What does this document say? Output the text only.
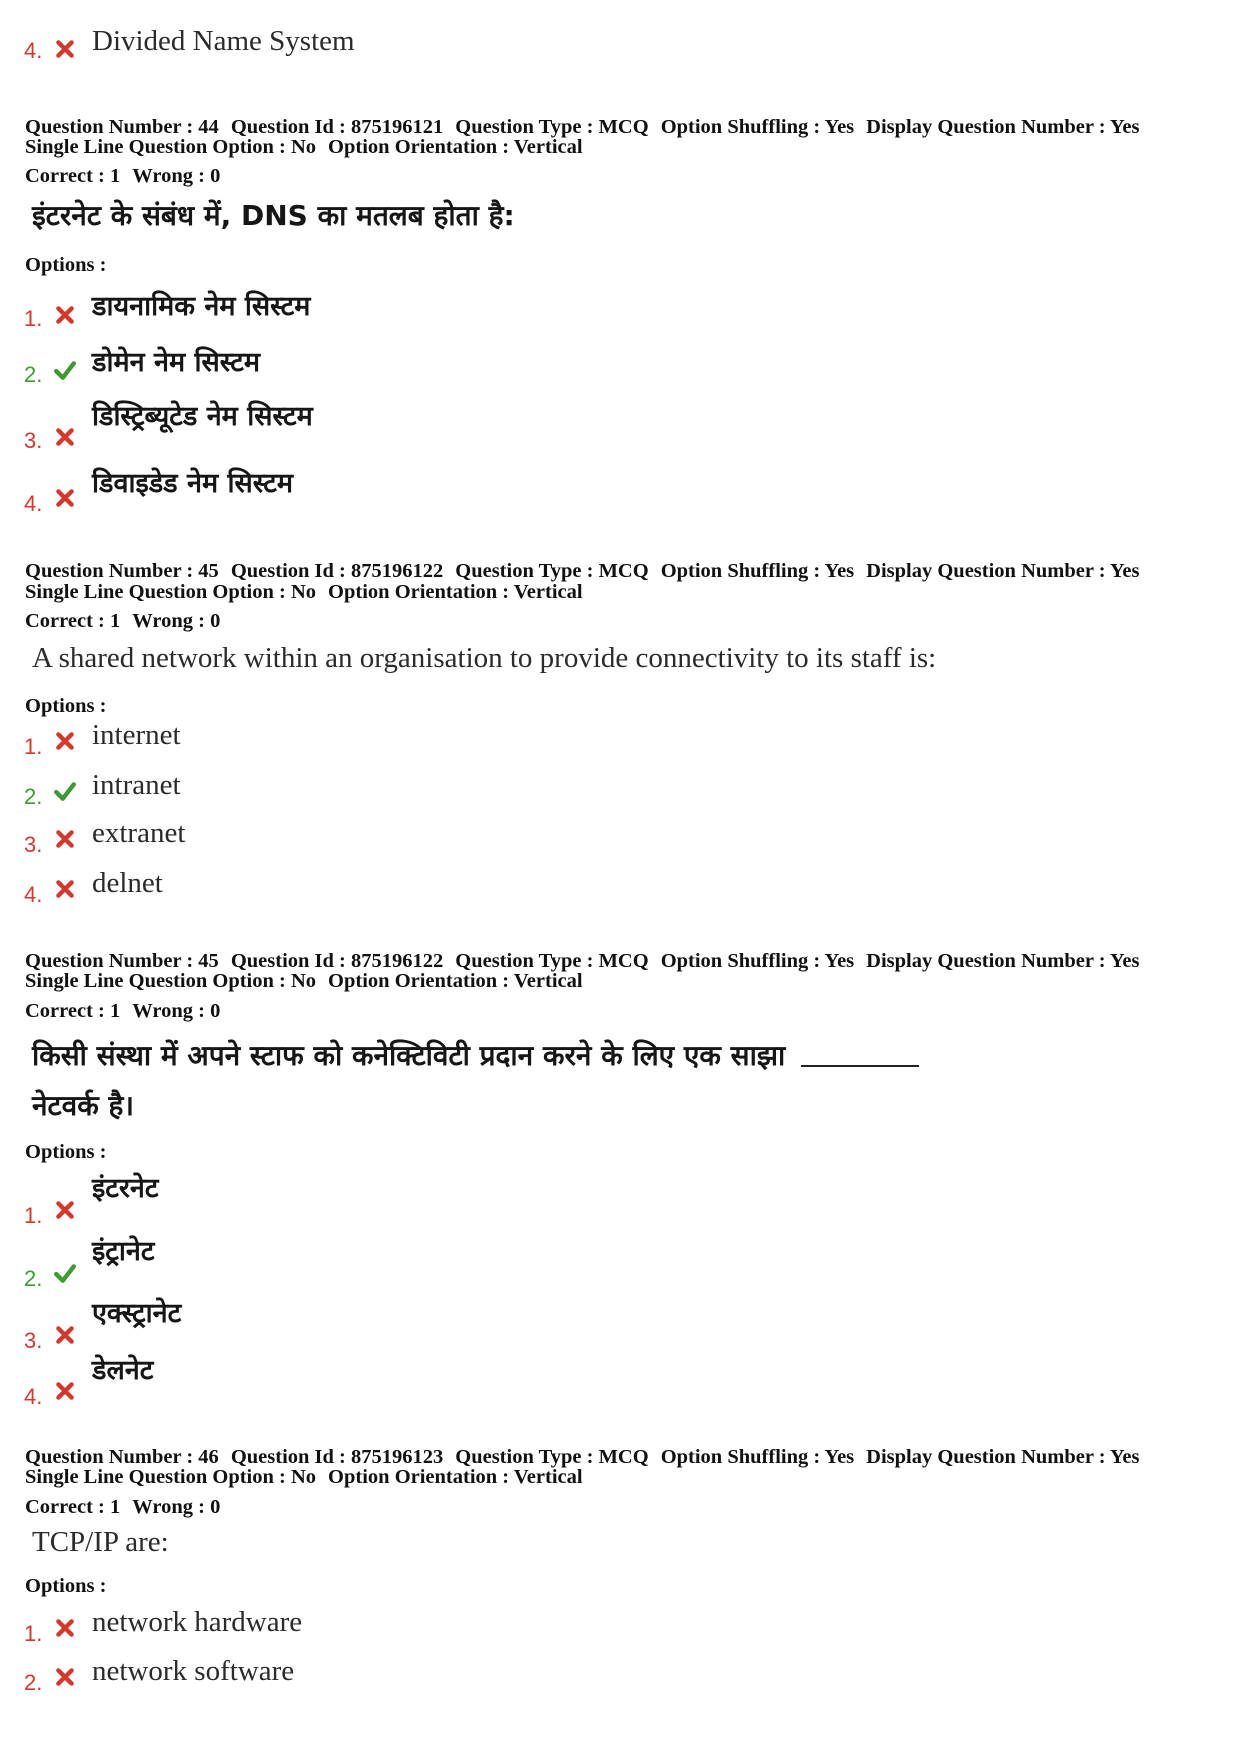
4. Divided Name System
Question Number : 44 Question Id : 875196121 Question Type : MCQ Option Shuffling : Yes Display Question Number : Yes
Single Line Question Option : No Option Orientation : Vertical
Correct : 1 Wrong : 0
इंटरनेट के संबंध में, DNS का मतलब होता है:
Options :
1. डायनामिक नेम सिस्टम
2. डोमेन नेम सिस्टम
3.
डिस्ट्रिब्यूटेड नेम सिस्टम
4.
डिवाइडेड नेम सिस्टम
Question Number : 45 Question Id : 875196122 Question Type : MCQ Option Shuffling : Yes Display Question Number : Yes
Single Line Question Option : No Option Orientation : Vertical
Correct : 1 Wrong : 0
A shared network within an organisation to provide connectivity to its staff is:
Options :
1. internet
2. intranet
3. extranet
4. delnet
Question Number : 45 Question Id : 875196122 Question Type : MCQ Option Shuffling : Yes Display Question Number : Yes
Single Line Question Option : No Option Orientation : Vertical
Correct : 1 Wrong : 0
किसी संस्था में अपने स्टाफ को कनेक्टिविटी प्रदान करने के लिए एक साझा
नेटवर्क है।
Options :
1.
इंटरनेट
2.
इंट्रानेट
3.
एक्स्ट्रानेट
4.
डेलनेट
Question Number : 46 Question Id : 875196123 Question Type : MCQ Option Shuffling : Yes Display Question Number : Yes
Single Line Question Option : No Option Orientation : Vertical
Correct : 1 Wrong : 0
TCP/IP are:
Options :
1. network hardware
2. network software
